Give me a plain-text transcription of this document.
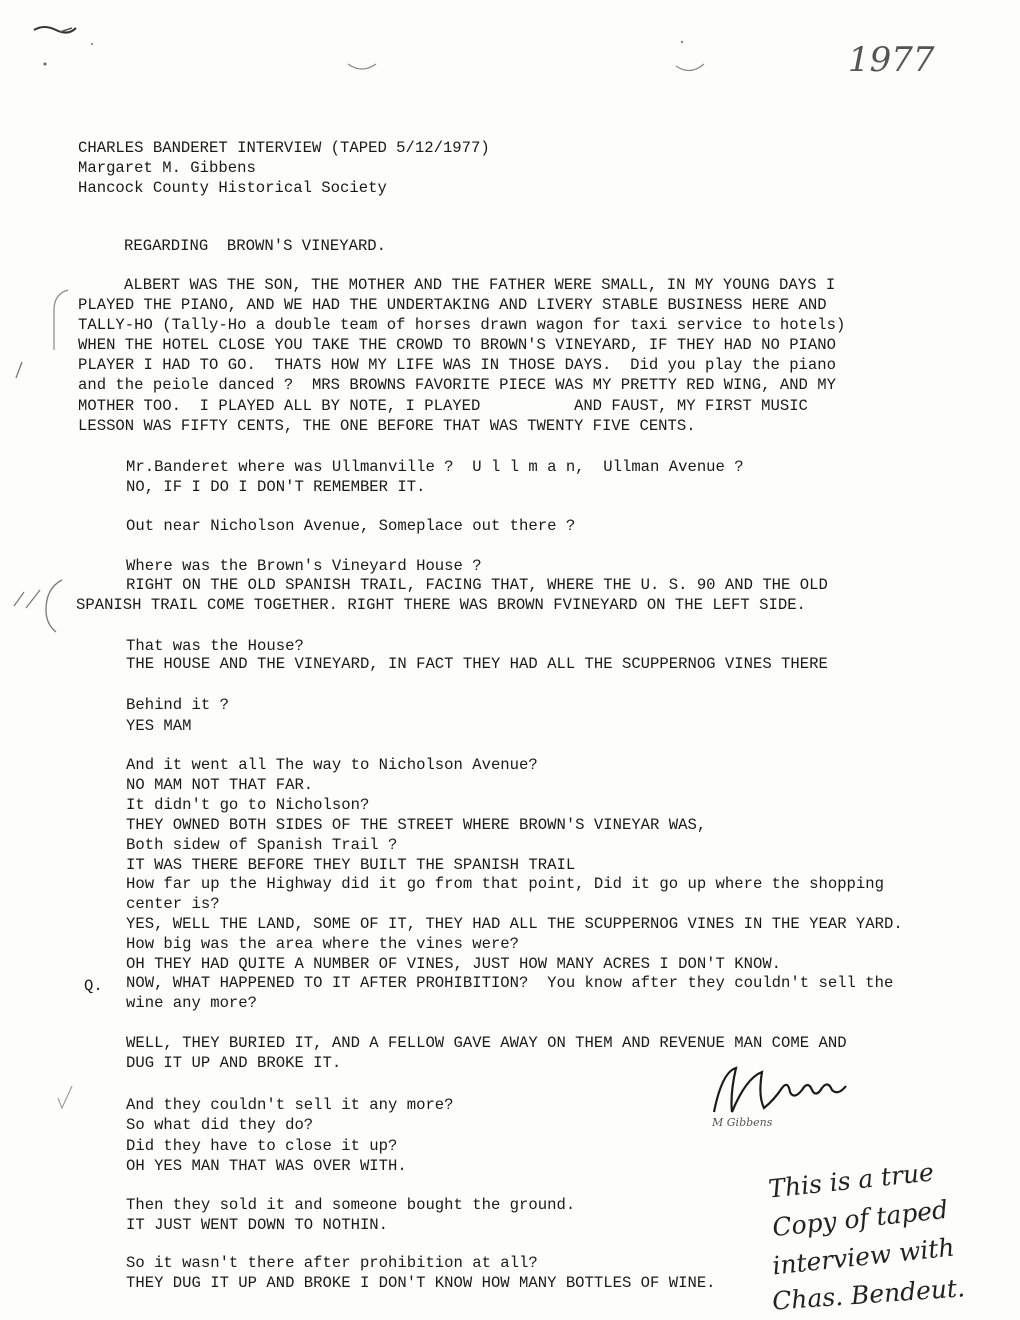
1977
CHARLES BANDERET INTERVIEW (TAPED 5/12/1977)
Margaret M. Gibbens
Hancock County Historical Society
REGARDING  BROWN'S VINEYARD.
ALBERT WAS THE SON, THE MOTHER AND THE FATHER WERE SMALL, IN MY YOUNG DAYS I
PLAYED THE PIANO, AND WE HAD THE UNDERTAKING AND LIVERY STABLE BUSINESS HERE AND
TALLY-HO (Tally-Ho a double team of horses drawn wagon for taxi service to hotels)
WHEN THE HOTEL CLOSE YOU TAKE THE CROWD TO BROWN'S VINEYARD, IF THEY HAD NO PIANO
PLAYER I HAD TO GO.  THATS HOW MY LIFE WAS IN THOSE DAYS.  Did you play the piano
and the peiole danced ?  MRS BROWNS FAVORITE PIECE WAS MY PRETTY RED WING, AND MY
MOTHER TOO.  I PLAYED ALL BY NOTE, I PLAYED          AND FAUST, MY FIRST MUSIC
LESSON WAS FIFTY CENTS, THE ONE BEFORE THAT WAS TWENTY FIVE CENTS.
Mr.Banderet where was Ullmanville ?  U l l m a n,  Ullman Avenue ?
NO, IF I DO I DON'T REMEMBER IT.
Out near Nicholson Avenue, Someplace out there ?
Where was the Brown's Vineyard House ?
RIGHT ON THE OLD SPANISH TRAIL, FACING THAT, WHERE THE U. S. 90 AND THE OLD
SPANISH TRAIL COME TOGETHER. RIGHT THERE WAS BROWN FVINEYARD ON THE LEFT SIDE.
That was the House?
THE HOUSE AND THE VINEYARD, IN FACT THEY HAD ALL THE SCUPPERNOG VINES THERE
Behind it ?
YES MAM
And it went all The way to Nicholson Avenue?
NO MAM NOT THAT FAR.
It didn't go to Nicholson?
THEY OWNED BOTH SIDES OF THE STREET WHERE BROWN'S VINEYAR WAS,
Both sidew of Spanish Trail ?
IT WAS THERE BEFORE THEY BUILT THE SPANISH TRAIL
How far up the Highway did it go from that point, Did it go up where the shopping
center is?
YES, WELL THE LAND, SOME OF IT, THEY HAD ALL THE SCUPPERNOG VINES IN THE YEAR YARD.
How big was the area where the vines were?
OH THEY HAD QUITE A NUMBER OF VINES, JUST HOW MANY ACRES I DON'T KNOW.
Q. NOW, WHAT HAPPENED TO IT AFTER PROHIBITION?  You know after they couldn't sell the
wine any more?
WELL, THEY BURIED IT, AND A FELLOW GAVE AWAY ON THEM AND REVENUE MAN COME AND
DUG IT UP AND BROKE IT.
And they couldn't sell it any more?
So what did they do?
Did they have to close it up?
OH YES MAN THAT WAS OVER WITH.
Then they sold it and someone bought the ground.
IT JUST WENT DOWN TO NOTHIN.
So it wasn't there after prohibition at all?
THEY DUG IT UP AND BROKE I DON'T KNOW HOW MANY BOTTLES OF WINE.
M Gibbens
This is a true
Copy of taped
interview with
Chas. Bendeut.
